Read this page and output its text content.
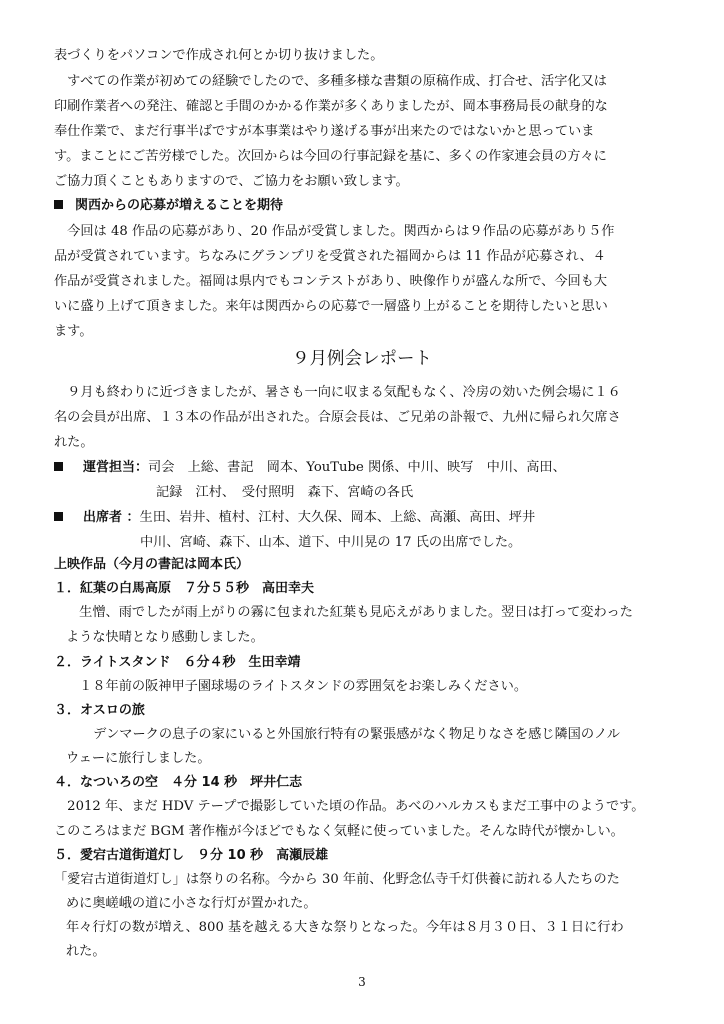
表づくりをパソコンで作成され何とか切り抜けました。
　すべての作業が初めての経験でしたので、多種多様な書類の原稿作成、打合せ、活字化又は
印刷作業者への発注、確認と手間のかかる作業が多くありましたが、岡本事務局長の献身的な
奉仕作業で、まだ行事半ばですが本事業はやり遂げる事が出来たのではないかと思っていま
す。まことにご苦労様でした。次回からは今回の行事記録を基に、多くの作家連会員の方々に
ご協力頂くこともありますので、ご協力をお願い致します。
関西からの応募が増えることを期待
　今回は 48 作品の応募があり、20 作品が受賞しました。関西からは９作品の応募があり５作
品が受賞されています。ちなみにグランプリを受賞された福岡からは 11 作品が応募され、４
作品が受賞されました。福岡は県内でもコンテストがあり、映像作りが盛んな所で、今回も大
いに盛り上げて頂きました。来年は関西からの応募で一層盛り上がることを期待したいと思い
ます。
９月例会レポート
　９月も終わりに近づきましたが、暑さも一向に収まる気配もなく、冷房の効いた例会場に１６
名の会員が出席、１３本の作品が出された。合原会長は、ご兄弟の訃報で、九州に帰られ欠席さ
れた。
運営担当：司会　上総、書記　岡本、YouTube 関係、中川、映写　中川、高田、
記録　江村、　受付照明　森下、宮崎の各氏
出席者 ：生田、岩井、植村、江村、大久保、岡本、上総、高瀬、高田、坪井
中川、宮崎、森下、山本、道下、中川晃の 17 氏の出席でした。
上映作品（今月の書記は岡本氏）
１．紅葉の白馬高原　７分５５秒　高田幸夫
　生憎、雨でしたが雨上がりの霧に包まれた紅葉も見応えがありました。翌日は打って変わった
ような快晴となり感動しました。
２．ライトスタンド　６分４秒　生田幸靖
　１８年前の阪神甲子園球場のライトスタンドの雰囲気をお楽しみください。
３．オスロの旅
　デンマークの息子の家にいると外国旅行特有の緊張感がなく物足りなさを感じ隣国のノル
ウェーに旅行しました。
４．なついろの空　４分 14 秒　坪井仁志
　2012 年、まだ HDV テープで撮影していた頃の作品。あべのハルカスもまだ工事中のようです。
このころはまだ BGM 著作権が今ほどでもなく気軽に使っていました。そんな時代が懐かしい。
５．愛宕古道街道灯し　９分 10 秒　高瀬辰雄
「愛宕古道街道灯し」は祭りの名称。今から 30 年前、化野念仏寺千灯供養に訪れる人たちのた
めに奥嵯峨の道に小さな行灯が置かれた。
年々行灯の数が増え、800 基を越える大きな祭りとなった。今年は８月３０日、３１日に行わ
れた。
3
